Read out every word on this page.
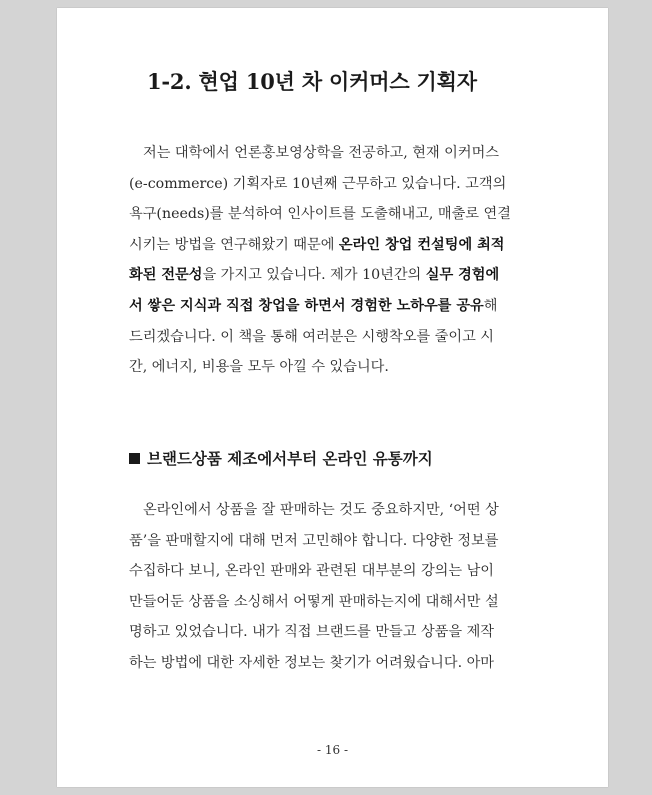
1-2. 현업 10년 차 이커머스 기획자

저는 대학에서 언론홍보영상학을 전공하고, 현재 이커머스
(e-commerce) 기획자로 10년째 근무하고 있습니다. 고객의
욕구(needs)를 분석하여 인사이트를 도출해내고, 매출로 연결
시키는 방법을 연구해왔기 때문에 온라인 창업 컨설팅에 최적
화된 전문성을 가지고 있습니다. 제가 10년간의 실무 경험에
서 쌓은 지식과 직접 창업을 하면서 경험한 노하우를 공유해
드리겠습니다. 이 책을 통해 여러분은 시행착오를 줄이고 시
간, 에너지, 비용을 모두 아낄 수 있습니다.

브랜드상품 제조에서부터 온라인 유통까지

온라인에서 상품을 잘 판매하는 것도 중요하지만, ‘어떤 상
품’을 판매할지에 대해 먼저 고민해야 합니다. 다양한 정보를
수집하다 보니, 온라인 판매와 관련된 대부분의 강의는 남이
만들어둔 상품을 소싱해서 어떻게 판매하는지에 대해서만 설
명하고 있었습니다. 내가 직접 브랜드를 만들고 상품을 제작
하는 방법에 대한 자세한 정보는 찾기가 어려웠습니다. 아마

- 16 -
